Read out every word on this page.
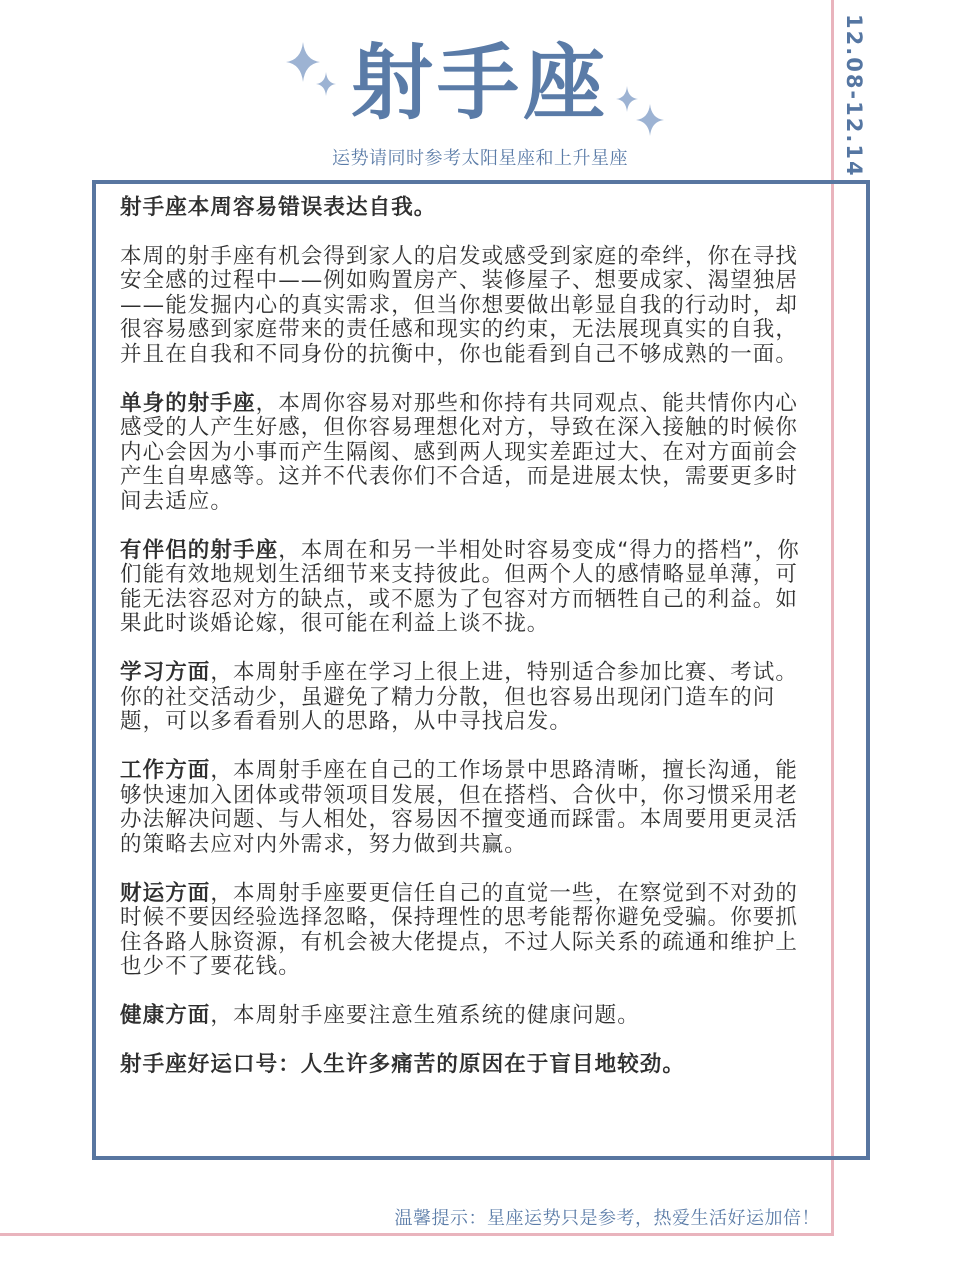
12.08-12.14
射手座
运势请同时参考太阳星座和上升星座

射手座本周容易错误表达自我。

本周的射手座有机会得到家人的启发或感受到家庭的牵绊，你在寻找安全感的过程中——例如购置房产、装修屋子、想要成家、渴望独居——能发掘内心的真实需求，但当你想要做出彰显自我的行动时，却很容易感到家庭带来的责任感和现实的约束，无法展现真实的自我，并且在自我和不同身份的抗衡中，你也能看到自己不够成熟的一面。

单身的射手座，本周你容易对那些和你持有共同观点、能共情你内心感受的人产生好感，但你容易理想化对方，导致在深入接触的时候你内心会因为小事而产生隔阂、感到两人现实差距过大、在对方面前会产生自卑感等。这并不代表你们不合适，而是进展太快，需要更多时间去适应。

有伴侣的射手座，本周在和另一半相处时容易变成“得力的搭档”，你们能有效地规划生活细节来支持彼此。但两个人的感情略显单薄，可能无法容忍对方的缺点，或不愿为了包容对方而牺牲自己的利益。如果此时谈婚论嫁，很可能在利益上谈不拢。

学习方面，本周射手座在学习上很上进，特别适合参加比赛、考试。你的社交活动少，虽避免了精力分散，但也容易出现闭门造车的问题，可以多看看别人的思路，从中寻找启发。

工作方面，本周射手座在自己的工作场景中思路清晰，擅长沟通，能够快速加入团体或带领项目发展，但在搭档、合伙中，你习惯采用老办法解决问题、与人相处，容易因不擅变通而踩雷。本周要用更灵活的策略去应对内外需求，努力做到共赢。

财运方面，本周射手座要更信任自己的直觉一些，在察觉到不对劲的时候不要因经验选择忽略，保持理性的思考能帮你避免受骗。你要抓住各路人脉资源，有机会被大佬提点，不过人际关系的疏通和维护上也少不了要花钱。

健康方面，本周射手座要注意生殖系统的健康问题。

射手座好运口号：人生许多痛苦的原因在于盲目地较劲。

温馨提示：星座运势只是参考，热爱生活好运加倍！
